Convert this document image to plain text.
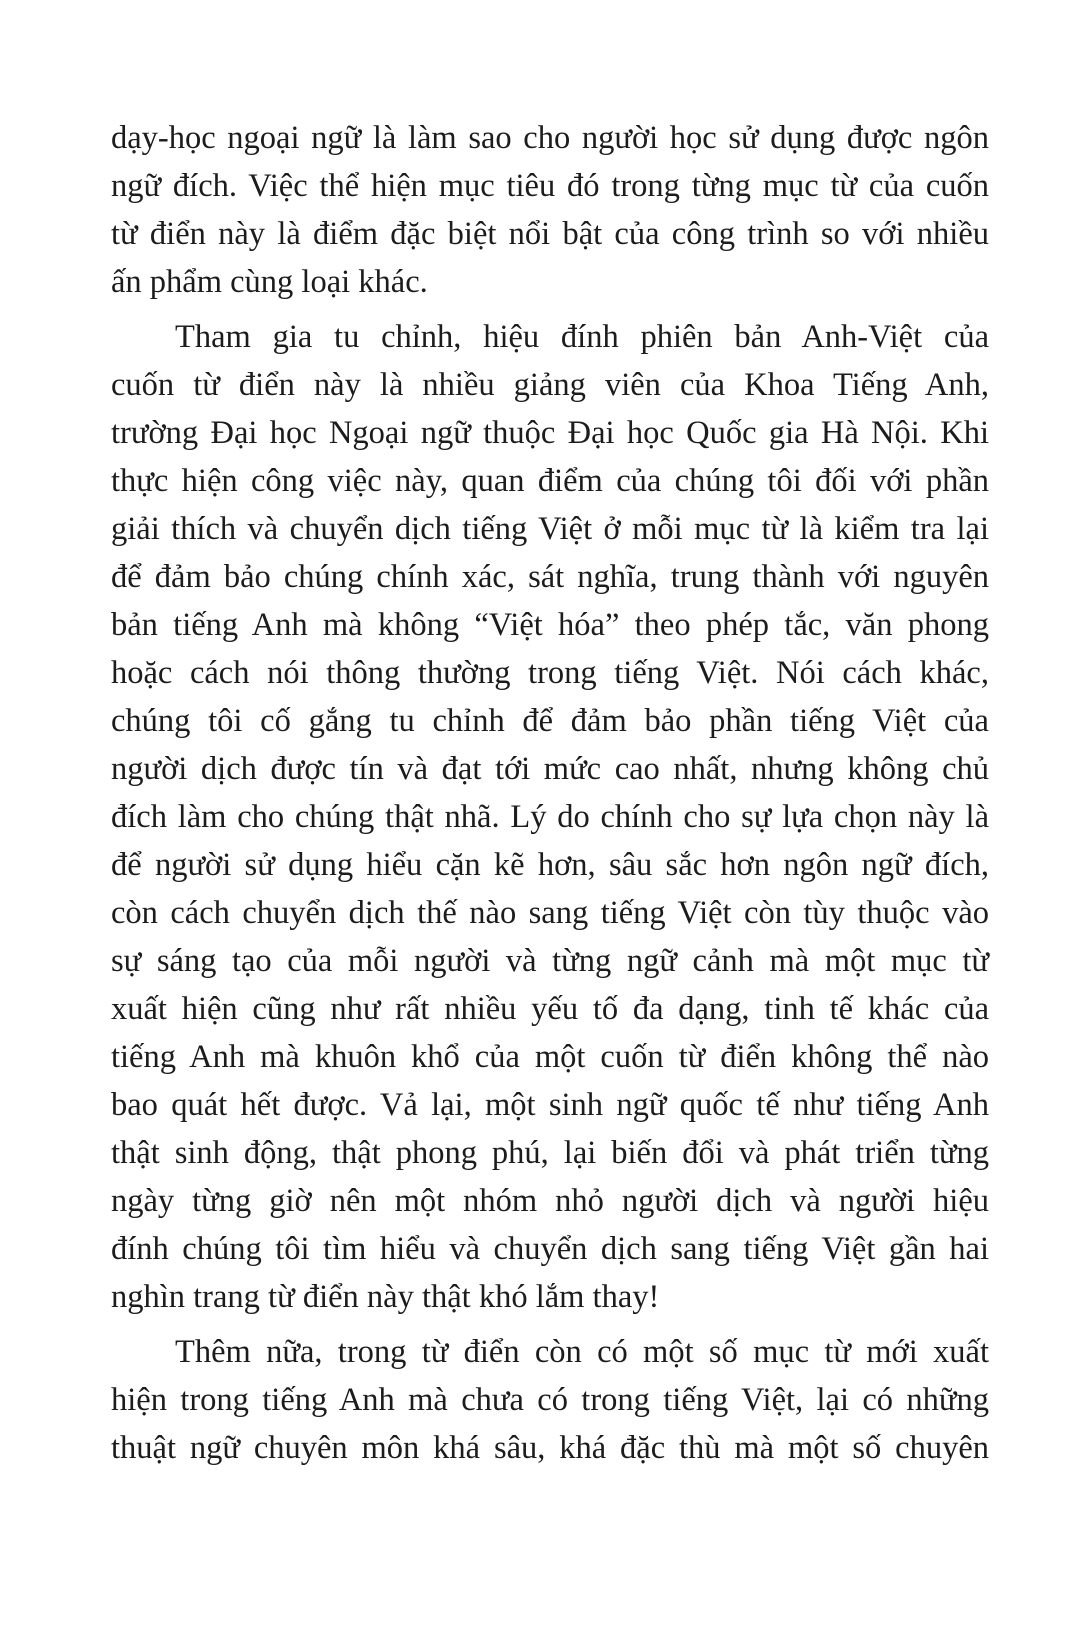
dạy-học ngoại ngữ là làm sao cho người học sử dụng được ngôn
ngữ đích. Việc thể hiện mục tiêu đó trong từng mục từ của cuốn
từ điển này là điểm đặc biệt nổi bật của công trình so với nhiều
ấn phẩm cùng loại khác.

Tham gia tu chỉnh, hiệu đính phiên bản Anh-Việt của
cuốn từ điển này là nhiều giảng viên của Khoa Tiếng Anh,
trường Đại học Ngoại ngữ thuộc Đại học Quốc gia Hà Nội. Khi
thực hiện công việc này, quan điểm của chúng tôi đối với phần
giải thích và chuyển dịch tiếng Việt ở mỗi mục từ là kiểm tra lại
để đảm bảo chúng chính xác, sát nghĩa, trung thành với nguyên
bản tiếng Anh mà không “Việt hóa” theo phép tắc, văn phong
hoặc cách nói thông thường trong tiếng Việt. Nói cách khác,
chúng tôi cố gắng tu chỉnh để đảm bảo phần tiếng Việt của
người dịch được tín và đạt tới mức cao nhất, nhưng không chủ
đích làm cho chúng thật nhã. Lý do chính cho sự lựa chọn này là
để người sử dụng hiểu cặn kẽ hơn, sâu sắc hơn ngôn ngữ đích,
còn cách chuyển dịch thế nào sang tiếng Việt còn tùy thuộc vào
sự sáng tạo của mỗi người và từng ngữ cảnh mà một mục từ
xuất hiện cũng như rất nhiều yếu tố đa dạng, tinh tế khác của
tiếng Anh mà khuôn khổ của một cuốn từ điển không thể nào
bao quát hết được. Vả lại, một sinh ngữ quốc tế như tiếng Anh
thật sinh động, thật phong phú, lại biến đổi và phát triển từng
ngày từng giờ nên một nhóm nhỏ người dịch và người hiệu
đính chúng tôi tìm hiểu và chuyển dịch sang tiếng Việt gần hai
nghìn trang từ điển này thật khó lắm thay!

Thêm nữa, trong từ điển còn có một số mục từ mới xuất
hiện trong tiếng Anh mà chưa có trong tiếng Việt, lại có những
thuật ngữ chuyên môn khá sâu, khá đặc thù mà một số chuyên
